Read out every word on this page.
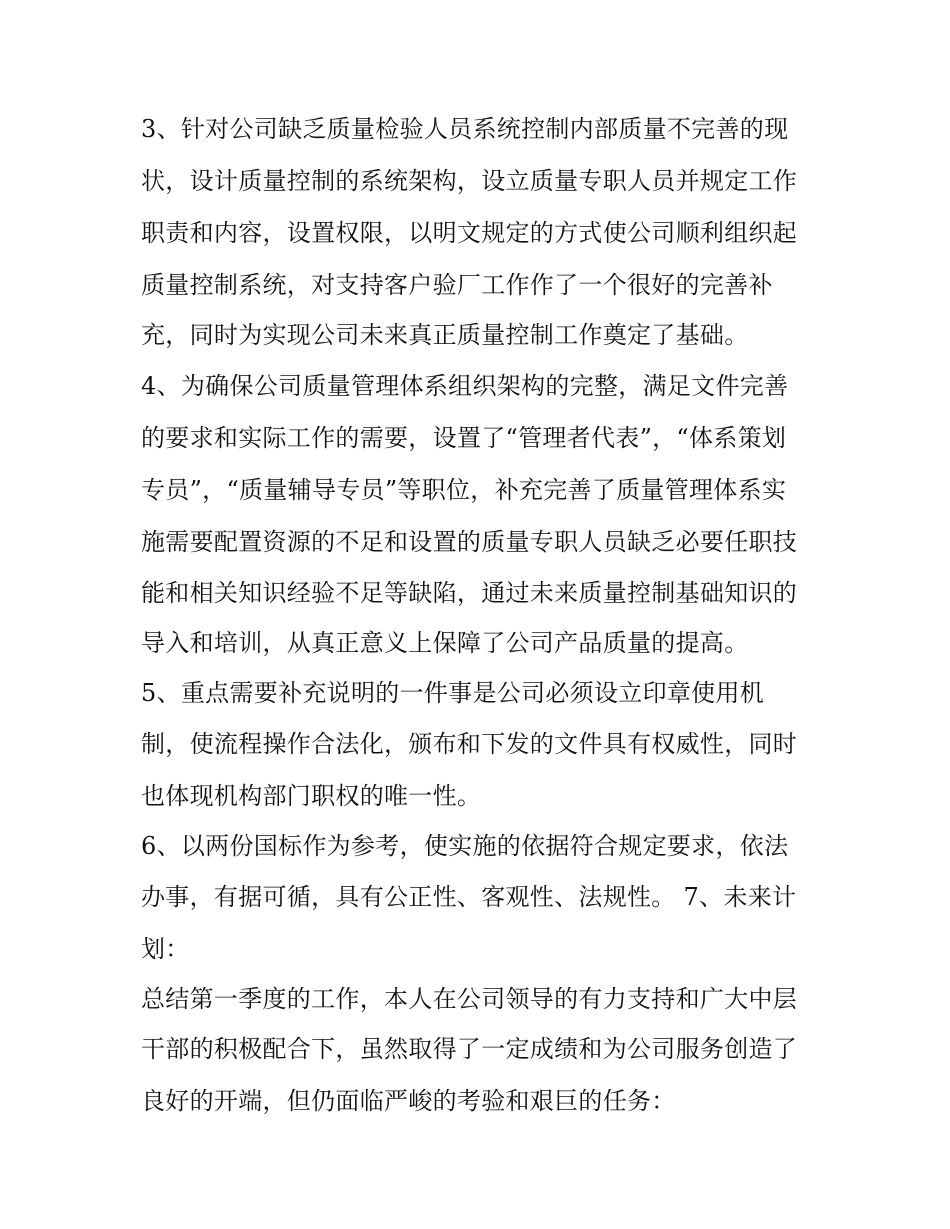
3、针对公司缺乏质量检验人员系统控制内部质量不完善的现
状，设计质量控制的系统架构，设立质量专职人员并规定工作
职责和内容，设置权限，以明文规定的方式使公司顺利组织起
质量控制系统，对支持客户验厂工作作了一个很好的完善补
充，同时为实现公司未来真正质量控制工作奠定了基础。
4、为确保公司质量管理体系组织架构的完整，满足文件完善
的要求和实际工作的需要，设置了“管理者代表”，“体系策划
专员”，“质量辅导专员”等职位，补充完善了质量管理体系实
施需要配置资源的不足和设置的质量专职人员缺乏必要任职技
能和相关知识经验不足等缺陷，通过未来质量控制基础知识的
导入和培训，从真正意义上保障了公司产品质量的提高。
5、重点需要补充说明的一件事是公司必须设立印章使用机
制，使流程操作合法化，颁布和下发的文件具有权威性，同时
也体现机构部门职权的唯一性。
6、以两份国标作为参考，使实施的依据符合规定要求，依法
办事，有据可循，具有公正性、客观性、法规性。 7、未来计
划：
总结第一季度的工作，本人在公司领导的有力支持和广大中层
干部的积极配合下，虽然取得了一定成绩和为公司服务创造了
良好的开端，但仍面临严峻的考验和艰巨的任务：
